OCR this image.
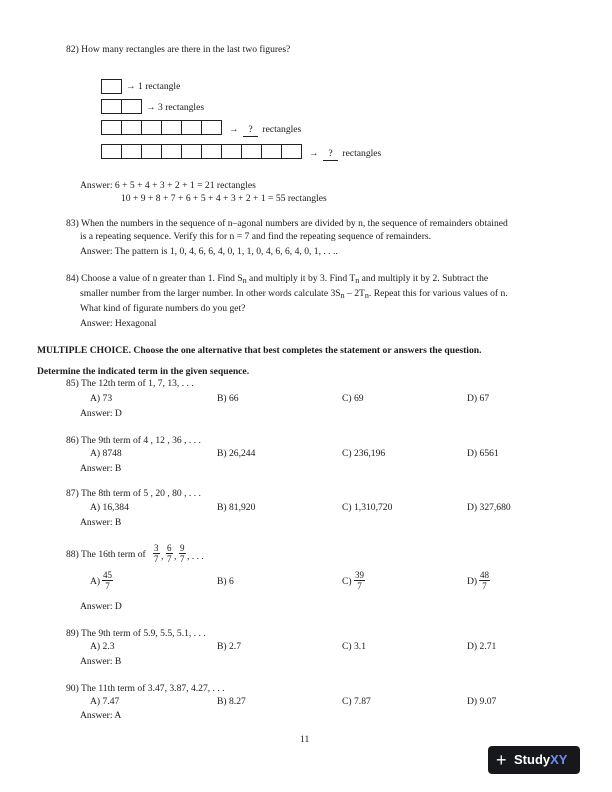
82) How many rectangles are there in the last two figures?
→ 1 rectangle
→ 3 rectangles
→ ? rectangles
→ ? rectangles
Answer: 6 + 5 + 4 + 3 + 2 + 1 = 21 rectangles
10 + 9 + 8 + 7 + 6 + 5 + 4 + 3 + 2 + 1 = 55 rectangles
83) When the numbers in the sequence of n–agonal numbers are divided by n, the sequence of remainders obtained
is a repeating sequence. Verify this for n = 7 and find the repeating sequence of remainders.
Answer: The pattern is 1, 0, 4, 6, 6, 4, 0, 1, 1, 0, 4, 6, 6, 4, 0, 1, . . ..
84) Choose a value of n greater than 1. Find $S_n$ and multiply it by 3. Find $T_n$ and multiply it by 2. Subtract the
smaller number from the larger number. In other words calculate $3S_n - 2T_n$. Repeat this for various values of n.
What kind of figurate numbers do you get?
Answer: Hexagonal
MULTIPLE CHOICE. Choose the one alternative that best completes the statement or answers the question.
Determine the indicated term in the given sequence.
85) The 12th term of 1, 7, 13, . . .
A) 73	B) 66	C) 69	D) 67
Answer: D
86) The 9th term of 4 , 12 , 36 , . . .
A) 8748	B) 26,244	C) 236,196	D) 6561
Answer: B
87) The 8th term of 5 , 20 , 80 , . . .
A) 16,384	B) 81,920	C) 1,310,720	D) 327,680
Answer: B
88) The 16th term of $\frac{3}{7}$ , $\frac{6}{7}$ , $\frac{9}{7}$ , . . .
$A) \frac{45}{7}$	B) 6	$C) \frac{39}{7}$	$D) \frac{48}{7}$
Answer: D
89) The 9th term of 5.9, 5.5, 5.1, . . .
A) 2.3	B) 2.7	C) 3.1	D) 2.71
Answer: B
90) The 11th term of 3.47, 3.87, 4.27, . . .
A) 7.47	B) 8.27	C) 7.87	D) 9.07
Answer: A
11
+ StudyXY
